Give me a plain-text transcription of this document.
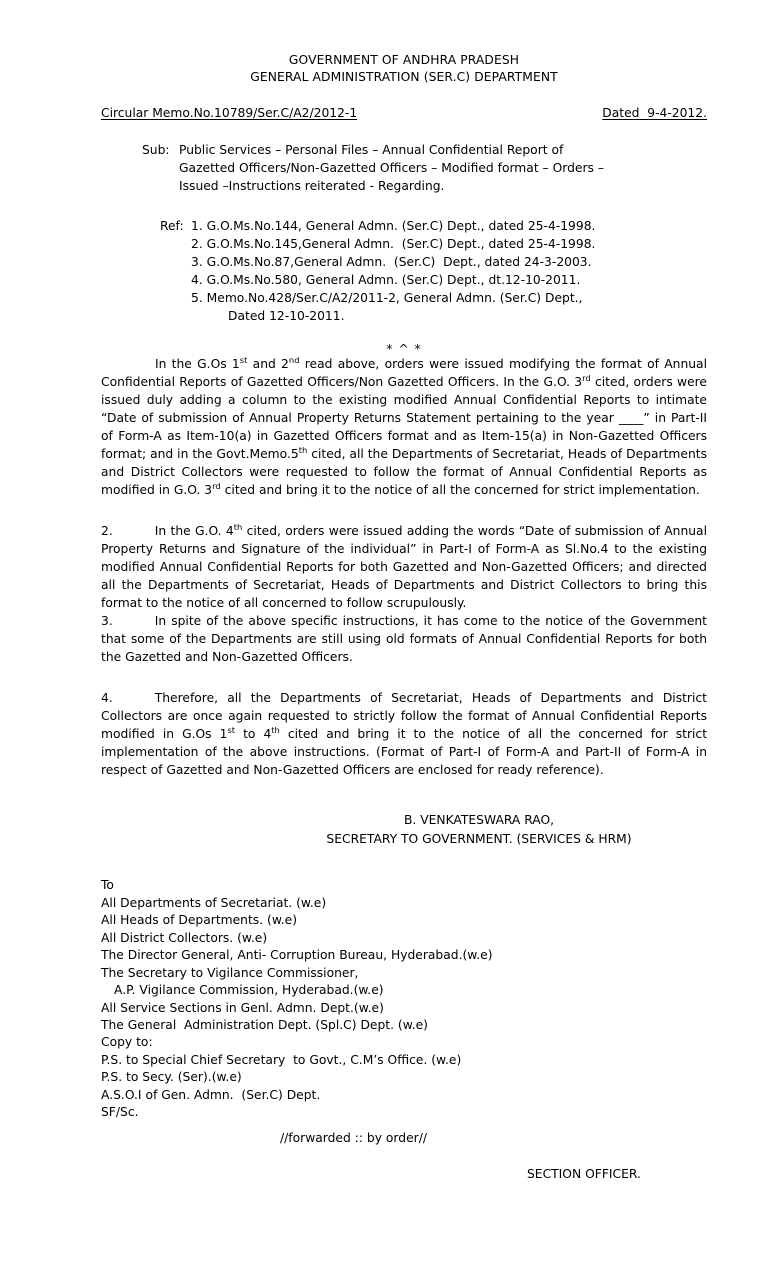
GOVERNMENT OF ANDHRA PRADESH
GENERAL ADMINISTRATION (SER.C) DEPARTMENT
Circular Memo.No.10789/Ser.C/A2/2012-1	Dated  9-4-2012.
Sub: Public Services – Personal Files – Annual Confidential Report of
Gazetted Officers/Non-Gazetted Officers – Modified format – Orders –
Issued –Instructions reiterated - Regarding.
Ref: 1. G.O.Ms.No.144, General Admn. (Ser.C) Dept., dated 25-4-1998.
2. G.O.Ms.No.145,General Admn.  (Ser.C) Dept., dated 25-4-1998.
3. G.O.Ms.No.87,General Admn.  (Ser.C)  Dept., dated 24-3-2003.
4. G.O.Ms.No.580, General Admn. (Ser.C) Dept., dt.12-10-2011.
5. Memo.No.428/Ser.C/A2/2011-2, General Admn. (Ser.C) Dept.,
Dated 12-10-2011.
* ^ *

In the G.Os 1st and 2nd read above, orders were issued modifying the format of Annual Confidential Reports of Gazetted Officers/Non Gazetted Officers. In the G.O. 3rd cited, orders were issued duly adding a column to the existing modified Annual Confidential Reports to intimate “Date of submission of Annual Property Returns Statement pertaining to the year ____” in Part-II of Form-A as Item-10(a) in Gazetted Officers format and as Item-15(a) in Non-Gazetted Officers format; and in the Govt.Memo.5th cited, all the Departments of Secretariat, Heads of Departments and District Collectors were requested to follow the format of Annual Confidential Reports as modified in G.O. 3rd cited and bring it to the notice of all the concerned for strict implementation.

2.	In the G.O. 4th cited, orders were issued adding the words “Date of submission of Annual Property Returns and Signature of the individual” in Part-I of Form-A as Sl.No.4 to the existing modified Annual Confidential Reports for both Gazetted and Non-Gazetted Officers; and directed all the Departments of Secretariat, Heads of Departments and District Collectors to bring this format to the notice of all concerned to follow scrupulously.

3.	In spite of the above specific instructions, it has come to the notice of the Government that some of the Departments are still using old formats of Annual Confidential Reports for both the Gazetted and Non-Gazetted Officers.

4.	Therefore, all the Departments of Secretariat, Heads of Departments and District Collectors are once again requested to strictly follow the format of Annual Confidential Reports modified in G.Os 1st to 4th cited and bring it to the notice of all the concerned for strict implementation of the above instructions. (Format of Part-I of Form-A and Part-II of Form-A in respect of Gazetted and Non-Gazetted Officers are enclosed for ready reference).

B. VENKATESWARA RAO,
SECRETARY TO GOVERNMENT. (SERVICES & HRM)
To
All Departments of Secretariat. (w.e)
All Heads of Departments. (w.e)
All District Collectors. (w.e)
The Director General, Anti- Corruption Bureau, Hyderabad.(w.e)
The Secretary to Vigilance Commissioner,
A.P. Vigilance Commission, Hyderabad.(w.e)
All Service Sections in Genl. Admn. Dept.(w.e)
The General  Administration Dept. (Spl.C) Dept. (w.e)
Copy to:
P.S. to Special Chief Secretary  to Govt., C.M’s Office. (w.e)
P.S. to Secy. (Ser).(w.e)
A.S.O.I of Gen. Admn.  (Ser.C) Dept.
SF/Sc.
//forwarded :: by order//
SECTION OFFICER.
